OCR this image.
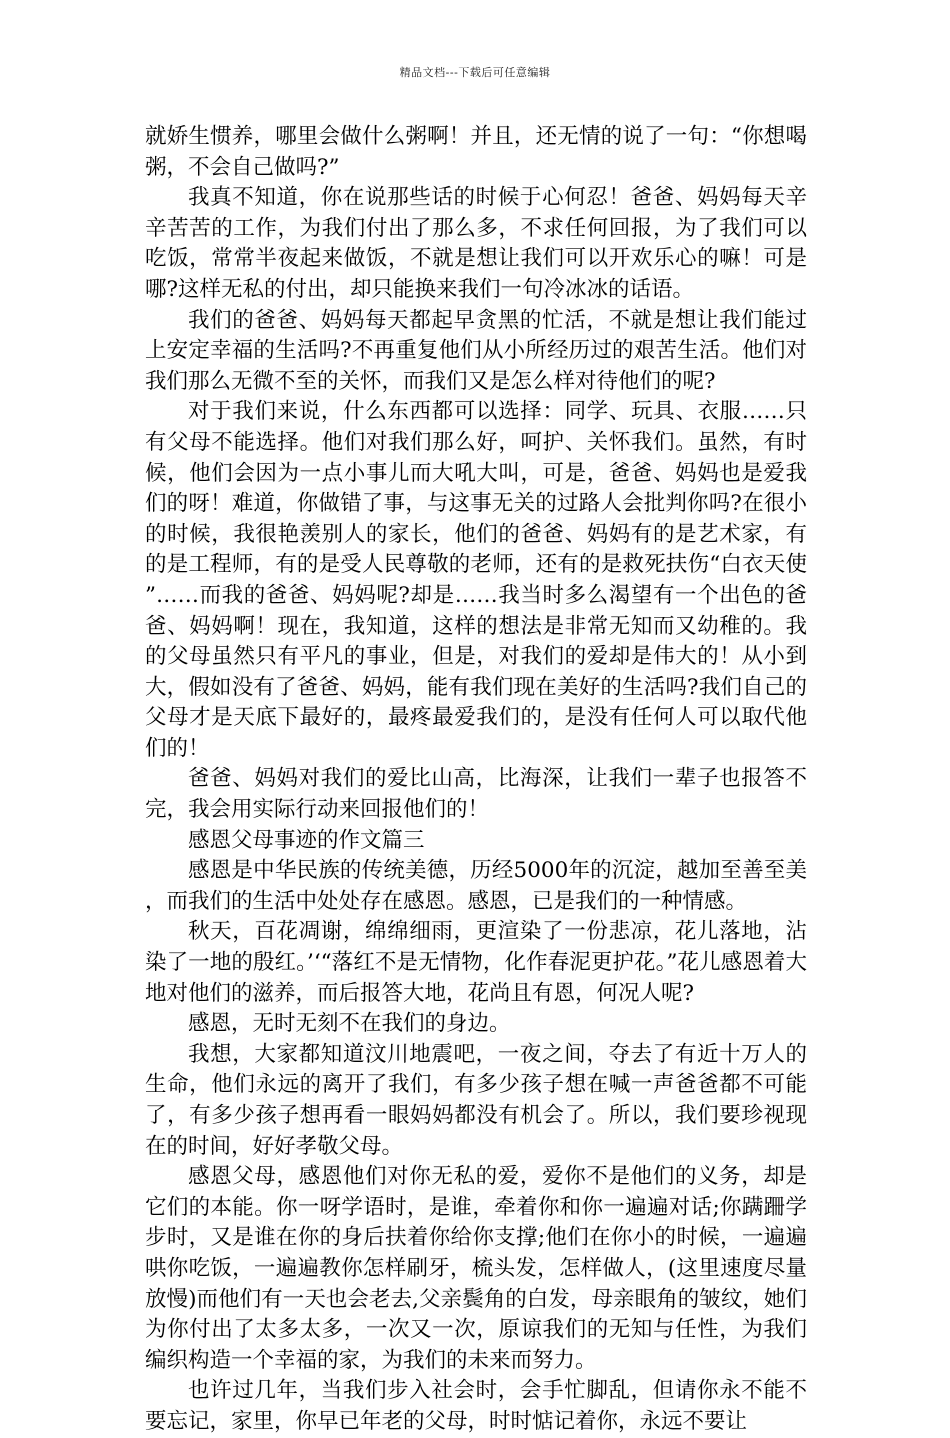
精品文档---下载后可任意编辑

就娇生惯养，哪里会做什么粥啊！并且，还无情的说了一句：“你想喝粥，不会自己做吗?”

我真不知道，你在说那些话的时候于心何忍！爸爸、妈妈每天辛辛苦苦的工作，为我们付出了那么多，不求任何回报，为了我们可以吃饭，常常半夜起来做饭，不就是想让我们可以开欢乐心的嘛！可是哪?这样无私的付出，却只能换来我们一句冷冰冰的话语。

我们的爸爸、妈妈每天都起早贪黑的忙活，不就是想让我们能过上安定幸福的生活吗?不再重复他们从小所经历过的艰苦生活。他们对我们那么无微不至的关怀，而我们又是怎么样对待他们的呢?

对于我们来说，什么东西都可以选择：同学、玩具、衣服……只有父母不能选择。他们对我们那么好，呵护、关怀我们。虽然，有时候，他们会因为一点小事儿而大吼大叫，可是，爸爸、妈妈也是爱我们的呀！难道，你做错了事，与这事无关的过路人会批判你吗?在很小的时候，我很艳羡别人的家长，他们的爸爸、妈妈有的是艺术家，有的是工程师，有的是受人民尊敬的老师，还有的是救死扶伤“白衣天使”……而我的爸爸、妈妈呢?却是……我当时多么渴望有一个出色的爸爸、妈妈啊！现在，我知道，这样的想法是非常无知而又幼稚的。我的父母虽然只有平凡的事业，但是，对我们的爱却是伟大的！从小到大，假如没有了爸爸、妈妈，能有我们现在美好的生活吗?我们自己的父母才是天底下最好的，最疼最爱我们的，是没有任何人可以取代他们的！

爸爸、妈妈对我们的爱比山高，比海深，让我们一辈子也报答不完，我会用实际行动来回报他们的！

感恩父母事迹的作文篇三

感恩是中华民族的传统美德，历经5000年的沉淀，越加至善至美，而我们的生活中处处存在感恩。感恩，已是我们的一种情感。

秋天，百花凋谢，绵绵细雨，更渲染了一份悲凉，花儿落地，沾染了一地的殷红。’‘“落红不是无情物，化作春泥更护花。”花儿感恩着大地对他们的滋养，而后报答大地，花尚且有恩，何况人呢?

感恩，无时无刻不在我们的身边。

我想，大家都知道汶川地震吧，一夜之间，夺去了有近十万人的生命，他们永远的离开了我们，有多少孩子想在喊一声爸爸都不可能了，有多少孩子想再看一眼妈妈都没有机会了。所以，我们要珍视现在的时间，好好孝敬父母。

感恩父母，感恩他们对你无私的爱，爱你不是他们的义务，却是它们的本能。你一呀学语时，是谁，牵着你和你一遍遍对话;你蹒跚学步时，又是谁在你的身后扶着你给你支撑;他们在你小的时候，一遍遍哄你吃饭，一遍遍教你怎样刷牙，梳头发，怎样做人，(这里速度尽量放慢)而他们有一天也会老去,父亲鬓角的白发，母亲眼角的皱纹，她们为你付出了太多太多，一次又一次，原谅我们的无知与任性，为我们编织构造一个幸福的家，为我们的未来而努力。

也许过几年，当我们步入社会时，会手忙脚乱，但请你永不能不要忘记，家里，你早已年老的父母，时时惦记着你，永远不要让
